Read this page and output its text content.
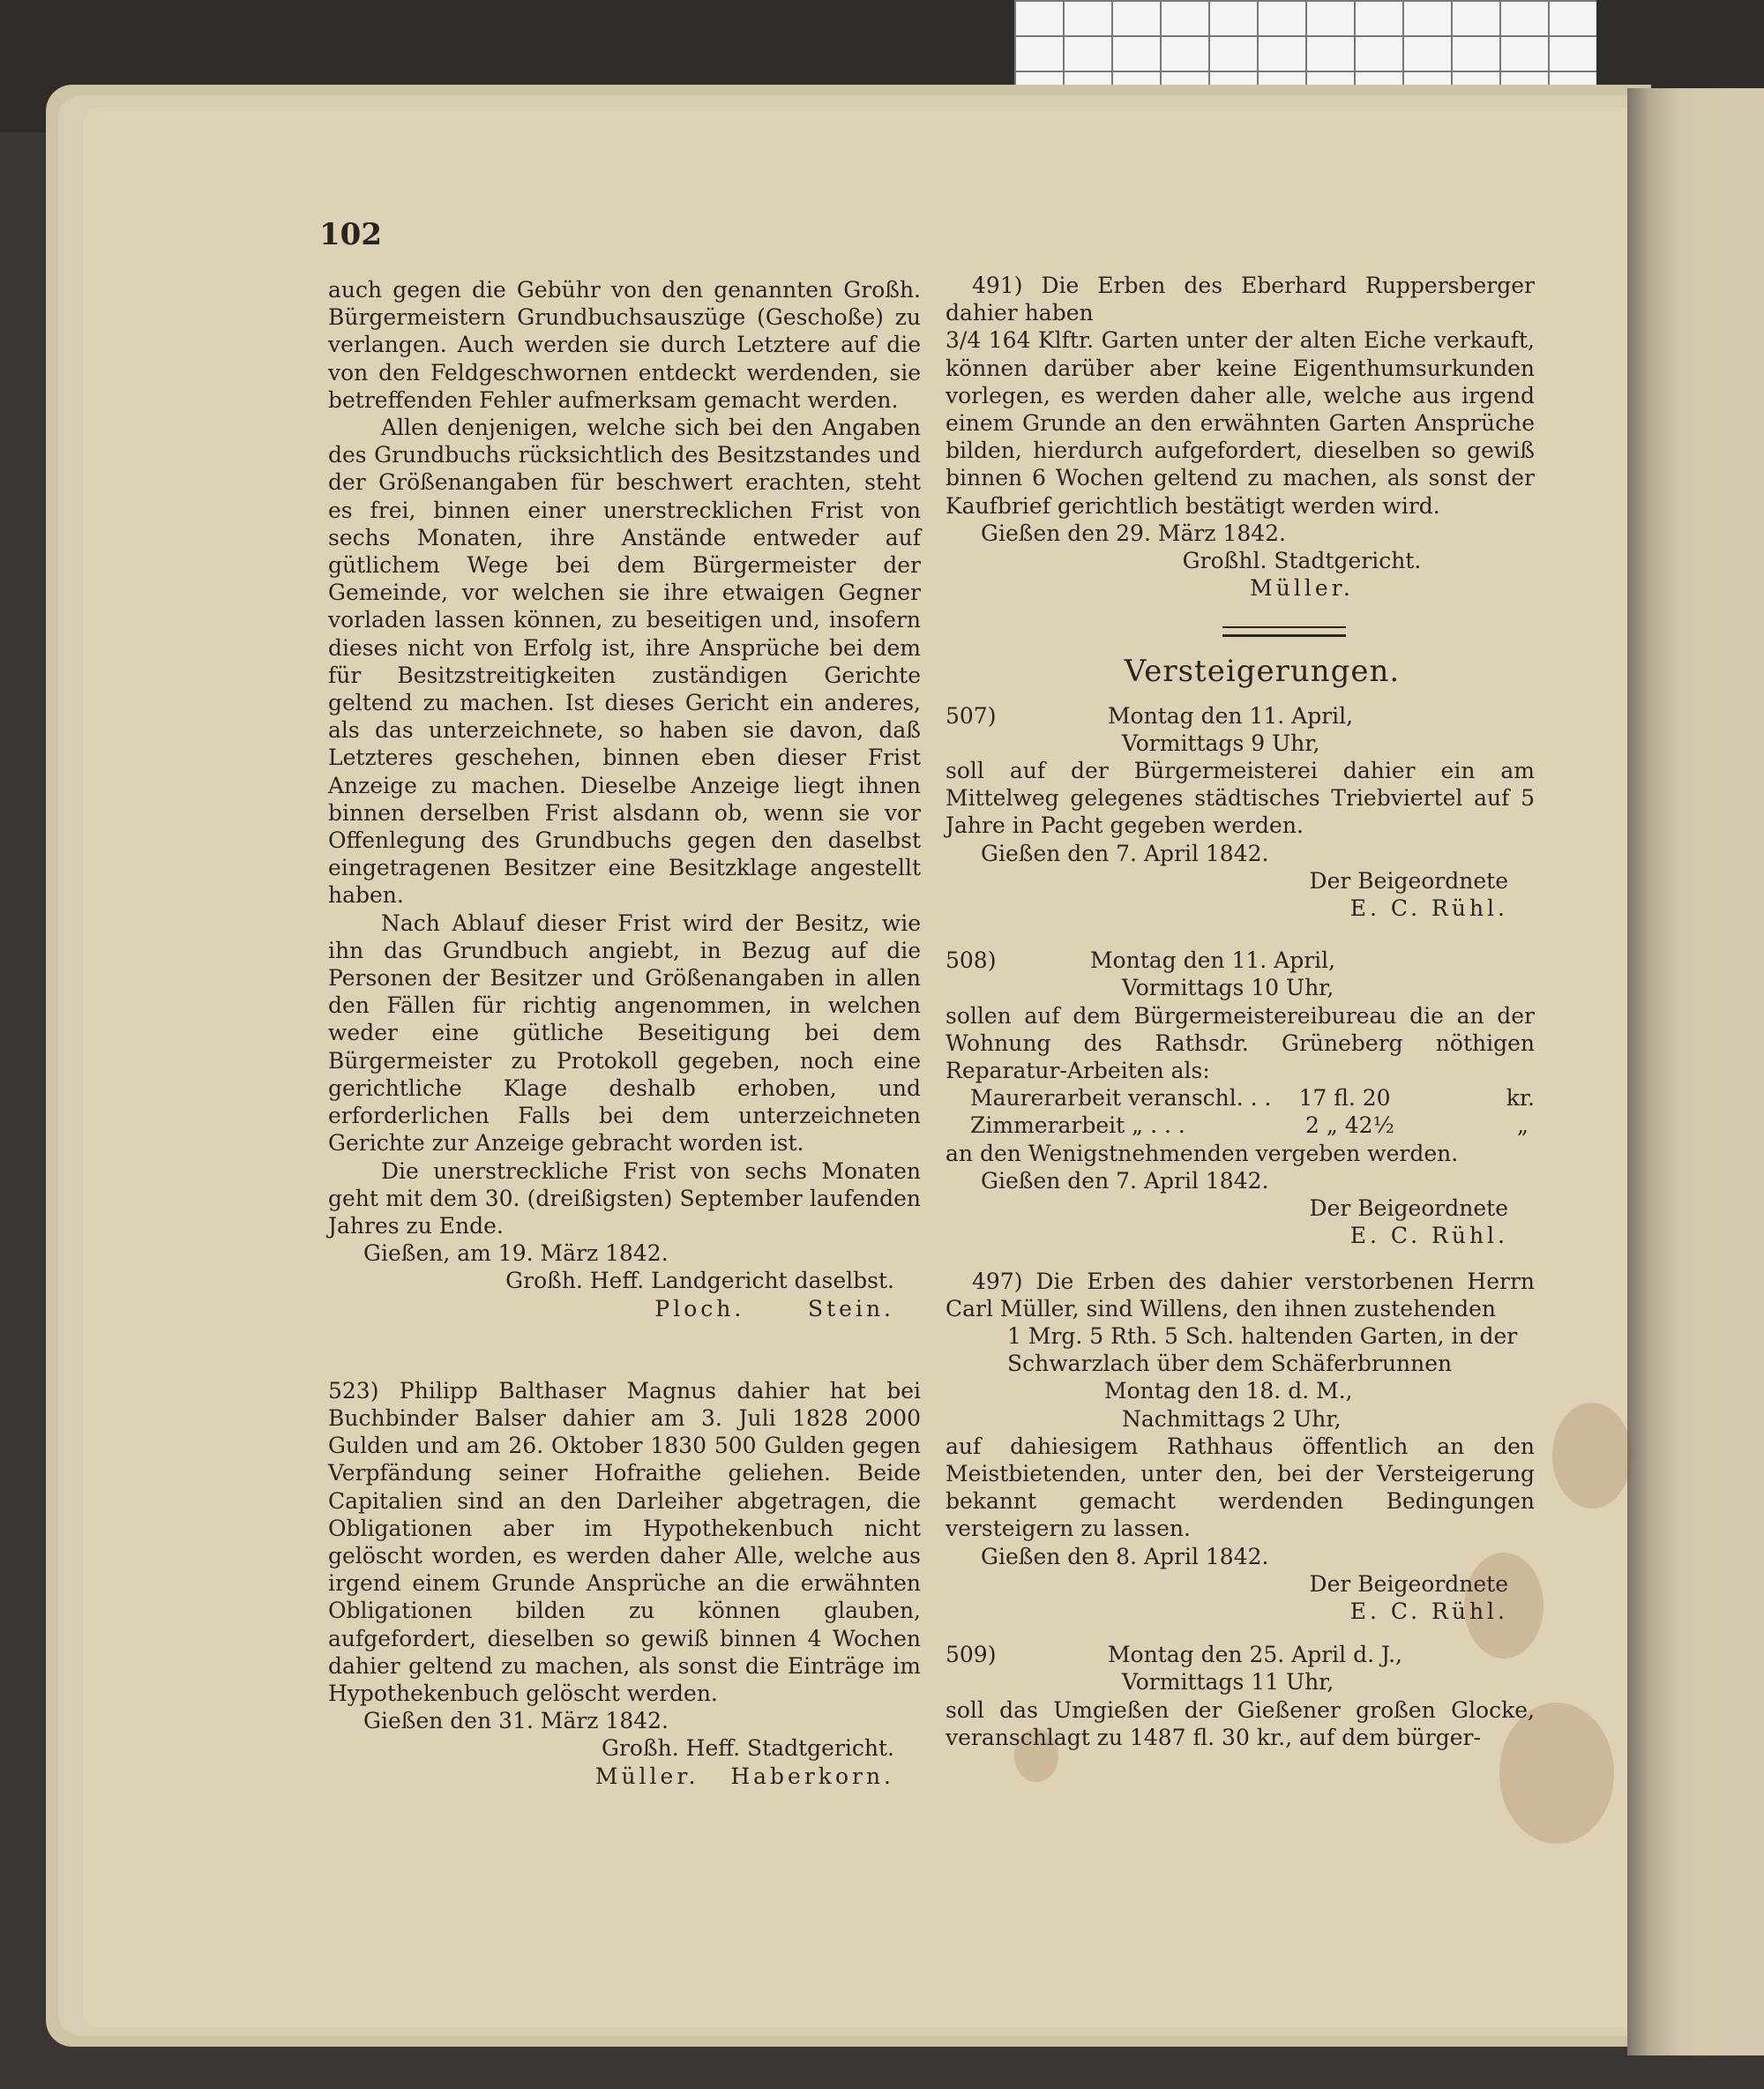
102

auch gegen die Gebühr von den genannten Großh. Bürgermeistern Grundbuchsauszüge (Geschoße) zu verlangen. Auch werden sie durch Letztere auf die von den Feldgeschwornen entdeckt werdenden, sie betreffenden Fehler aufmerksam gemacht werden.

Allen denjenigen, welche sich bei den Angaben des Grundbuchs rücksichtlich des Besitzstandes und der Größenangaben für beschwert erachten, steht es frei, binnen einer unerstrecklichen Frist von sechs Monaten, ihre Anstände entweder auf gütlichem Wege bei dem Bürgermeister der Gemeinde, vor welchen sie ihre etwaigen Gegner vorladen lassen können, zu beseitigen und, insofern dieses nicht von Erfolg ist, ihre Ansprüche bei dem für Besitzstreitigkeiten zuständigen Gerichte geltend zu machen. Ist dieses Gericht ein anderes, als das unterzeichnete, so haben sie davon, daß Letzteres geschehen, binnen eben dieser Frist Anzeige zu machen. Dieselbe Anzeige liegt ihnen binnen derselben Frist alsdann ob, wenn sie vor Offenlegung des Grundbuchs gegen den daselbst eingetragenen Besitzer eine Besitzklage angestellt haben.

Nach Ablauf dieser Frist wird der Besitz, wie ihn das Grundbuch angiebt, in Bezug auf die Personen der Besitzer und Größenangaben in allen den Fällen für richtig angenommen, in welchen weder eine gütliche Beseitigung bei dem Bürgermeister zu Protokoll gegeben, noch eine gerichtliche Klage deshalb erhoben, und erforderlichen Falls bei dem unterzeichneten Gerichte zur Anzeige gebracht worden ist.

Die unerstreckliche Frist von sechs Monaten geht mit dem 30. (dreißigsten) September laufenden Jahres zu Ende.

Gießen, am 19. März 1842.

Großh. Heff. Landgericht daselbst.

Ploch.      Stein.

523) Philipp Balthaser Magnus dahier hat bei Buchbinder Balser dahier am 3. Juli 1828 2000 Gulden und am 26. Oktober 1830 500 Gulden gegen Verpfändung seiner Hofraithe geliehen. Beide Capitalien sind an den Darleiher abgetragen, die Obligationen aber im Hypothekenbuch nicht gelöscht worden, es werden daher Alle, welche aus irgend einem Grunde Ansprüche an die erwähnten Obligationen bilden zu können glauben, aufgefordert, dieselben so gewiß binnen 4 Wochen dahier geltend zu machen, als sonst die Einträge im Hypothekenbuch gelöscht werden.

Gießen den 31. März 1842.

Großh. Heff. Stadtgericht.

Müller.   Haberkorn.

491) Die Erben des Eberhard Ruppersberger dahier haben

3/4 164 Klftr. Garten unter der alten Eiche verkauft, können darüber aber keine Eigenthumsurkunden vorlegen, es werden daher alle, welche aus irgend einem Grunde an den erwähnten Garten Ansprüche bilden, hierdurch aufgefordert, dieselben so gewiß binnen 6 Wochen geltend zu machen, als sonst der Kaufbrief gerichtlich bestätigt werden wird.

Gießen den 29. März 1842.

Großhl. Stadtgericht.

Müller.

Versteigerungen.

507)	Montag den 11. April,

Vormittags 9 Uhr,

soll auf der Bürgermeisterei dahier ein am Mittelweg gelegenes städtisches Triebviertel auf 5 Jahre in Pacht gegeben werden.

Gießen den 7. April 1842.

Der Beigeordnete

E. C. Rühl.

508)	Montag den 11. April,

Vormittags 10 Uhr,

sollen auf dem Bürgermeistereibureau die an der Wohnung des Rathsdr. Grüneberg nöthigen Reparatur-Arbeiten als:

Maurerarbeit veranschl. . .	17 fl. 20	kr.

Zimmerarbeit „ . . .	2 „ 42½	„

an den Wenigstnehmenden vergeben werden.

Gießen den 7. April 1842.

Der Beigeordnete

E. C. Rühl.

497) Die Erben des dahier verstorbenen Herrn Carl Müller, sind Willens, den ihnen zustehenden

1 Mrg. 5 Rth. 5 Sch. haltenden Garten, in der Schwarzlach über dem Schäferbrunnen

Montag den 18. d. M.,

Nachmittags 2 Uhr,

auf dahiesigem Rathhaus öffentlich an den Meistbietenden, unter den, bei der Versteigerung bekannt gemacht werdenden Bedingungen versteigern zu lassen.

Gießen den 8. April 1842.

Der Beigeordnete

E. C. Rühl.

509)	Montag den 25. April d. J.,

Vormittags 11 Uhr,

soll das Umgießen der Gießener großen Glocke, veranschlagt zu 1487 fl. 30 kr., auf dem bürger-
